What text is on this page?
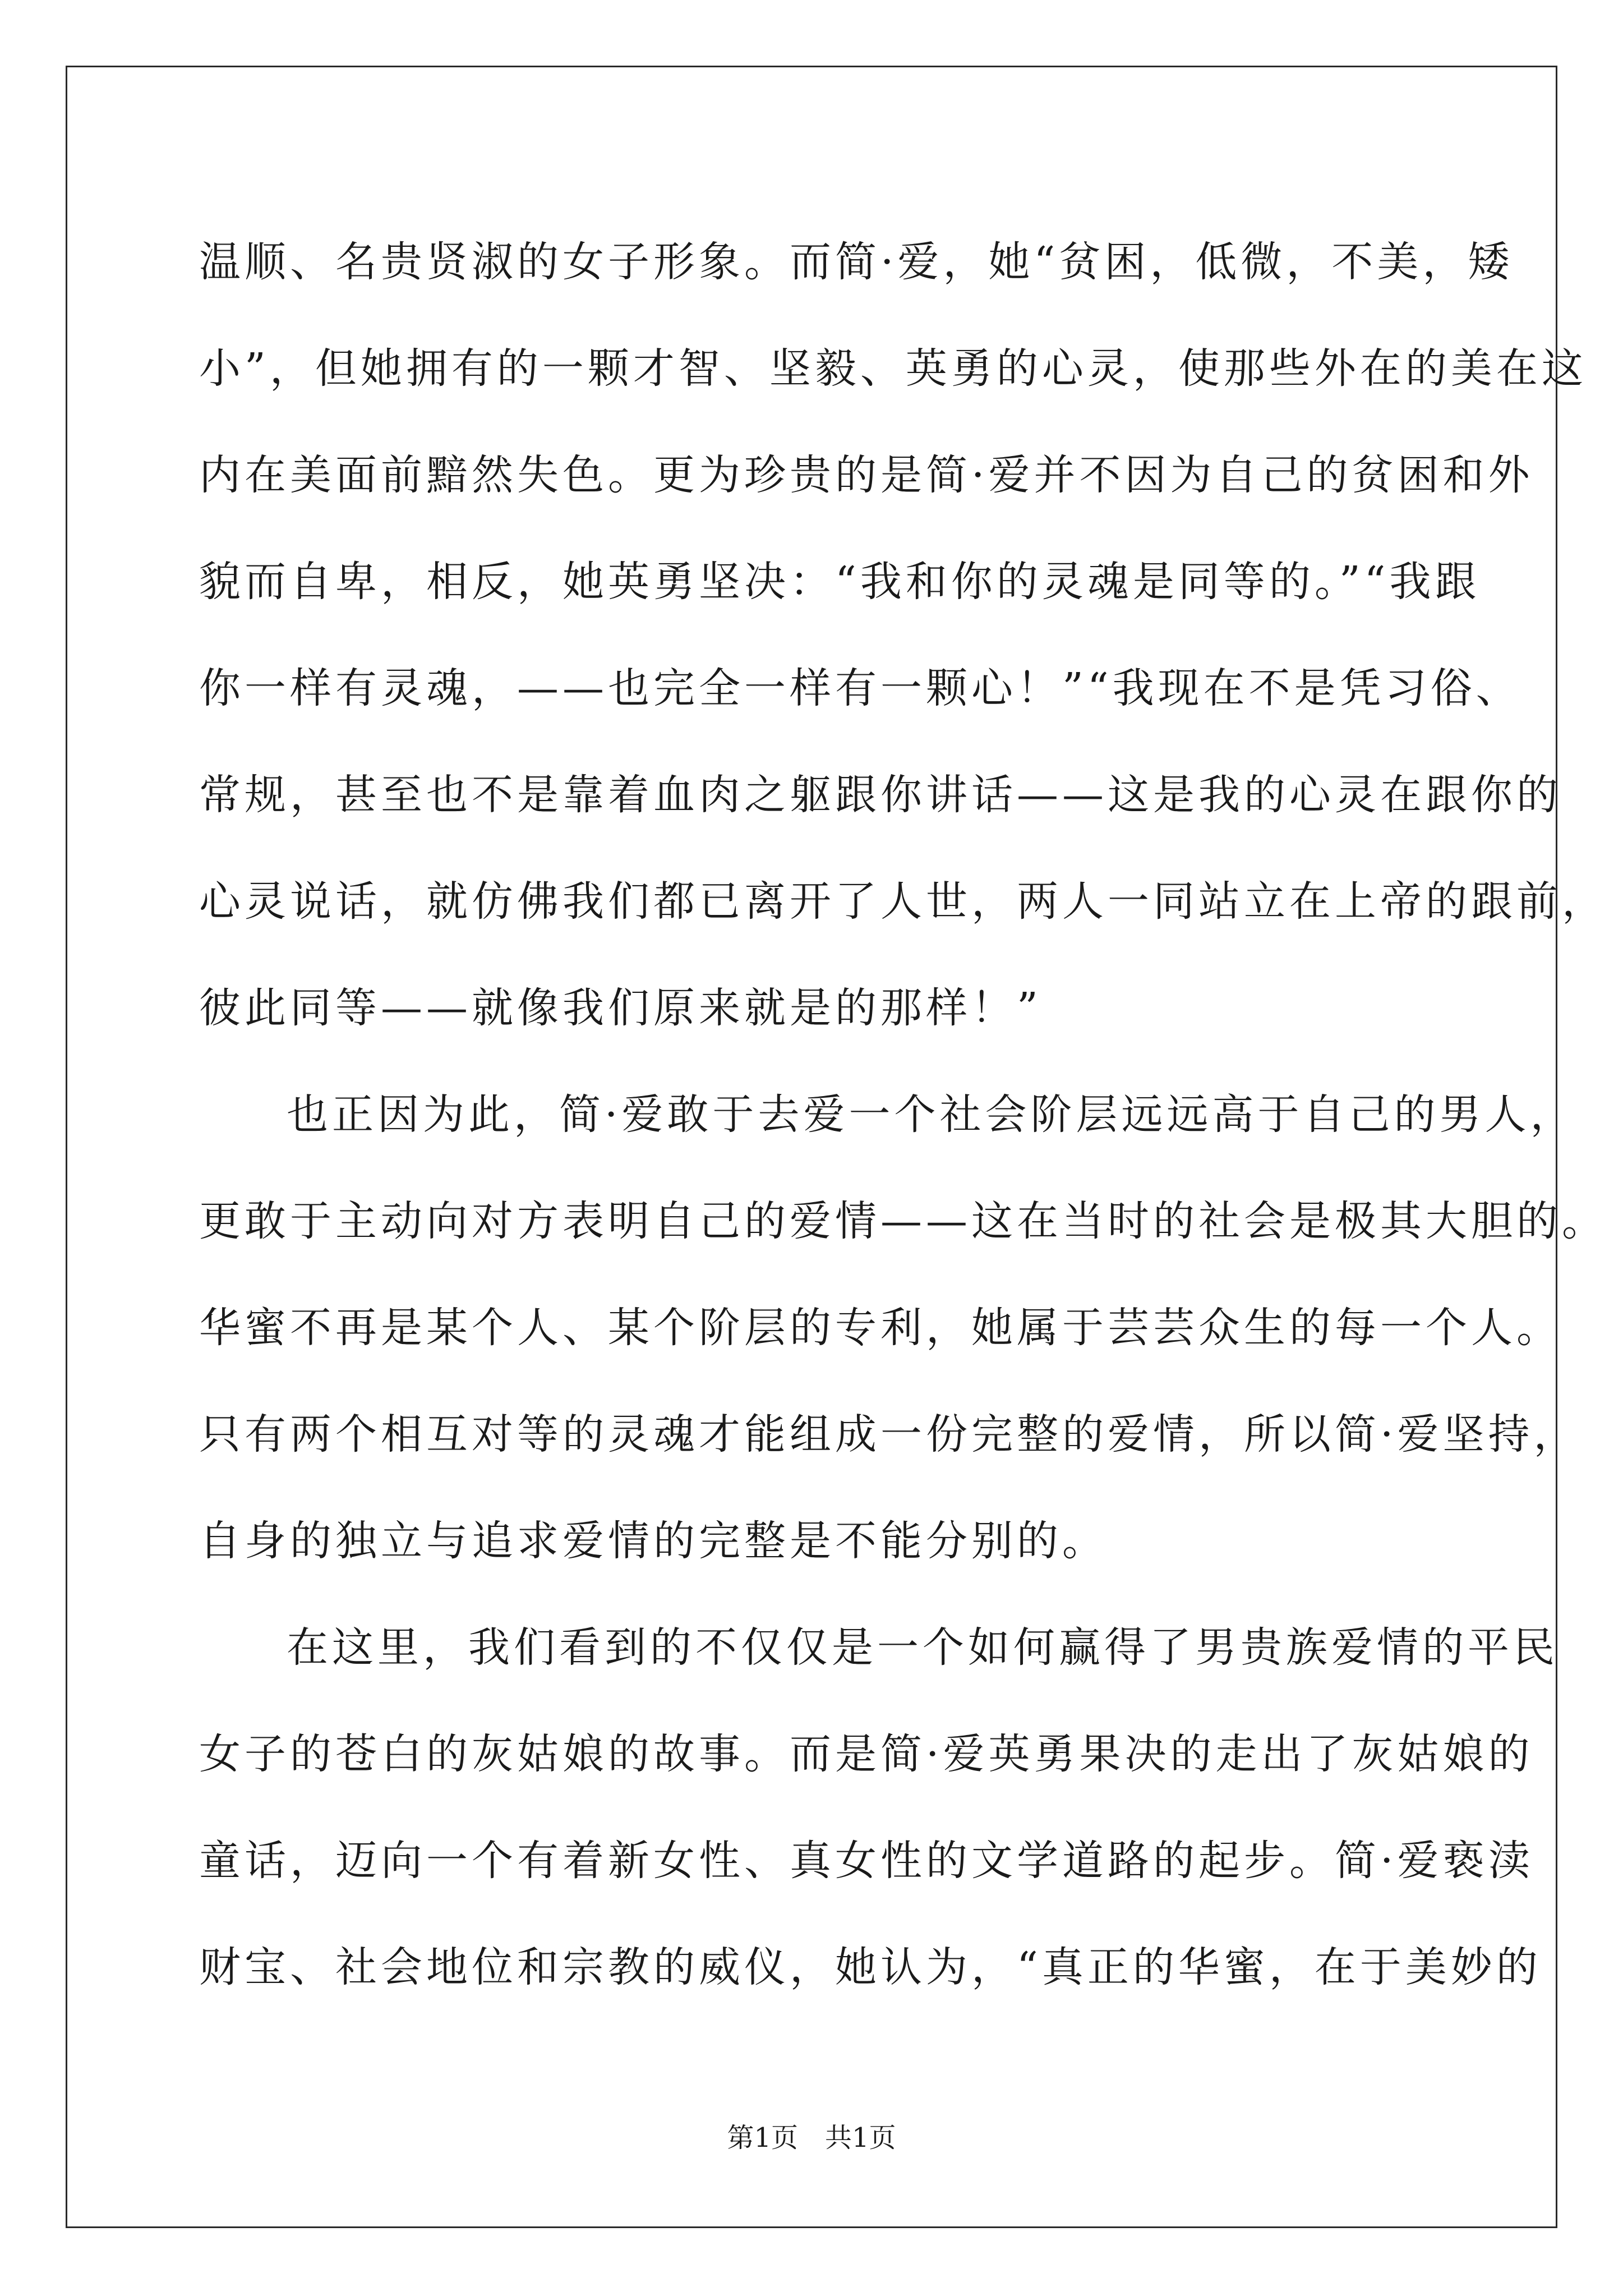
温顺、名贵贤淑的女子形象。而简·爱，她“贫困，低微，不美，矮
小”，但她拥有的一颗才智、坚毅、英勇的心灵，使那些外在的美在这
内在美面前黯然失色。更为珍贵的是简·爱并不因为自己的贫困和外
貌而自卑，相反，她英勇坚决：“我和你的灵魂是同等的。”“我跟
你一样有灵魂，——也完全一样有一颗心！”“我现在不是凭习俗、
常规，甚至也不是靠着血肉之躯跟你讲话——这是我的心灵在跟你的
心灵说话，就仿佛我们都已离开了人世，两人一同站立在上帝的跟前，
彼此同等——就像我们原来就是的那样！”
也正因为此，简·爱敢于去爱一个社会阶层远远高于自己的男人，
更敢于主动向对方表明自己的爱情——这在当时的社会是极其大胆的。
华蜜不再是某个人、某个阶层的专利，她属于芸芸众生的每一个人。
只有两个相互对等的灵魂才能组成一份完整的爱情，所以简·爱坚持，
自身的独立与追求爱情的完整是不能分别的。
在这里，我们看到的不仅仅是一个如何赢得了男贵族爱情的平民
女子的苍白的灰姑娘的故事。而是简·爱英勇果决的走出了灰姑娘的
童话，迈向一个有着新女性、真女性的文学道路的起步。简·爱亵渎
财宝、社会地位和宗教的威仪，她认为，“真正的华蜜，在于美妙的
第1页　共1页
